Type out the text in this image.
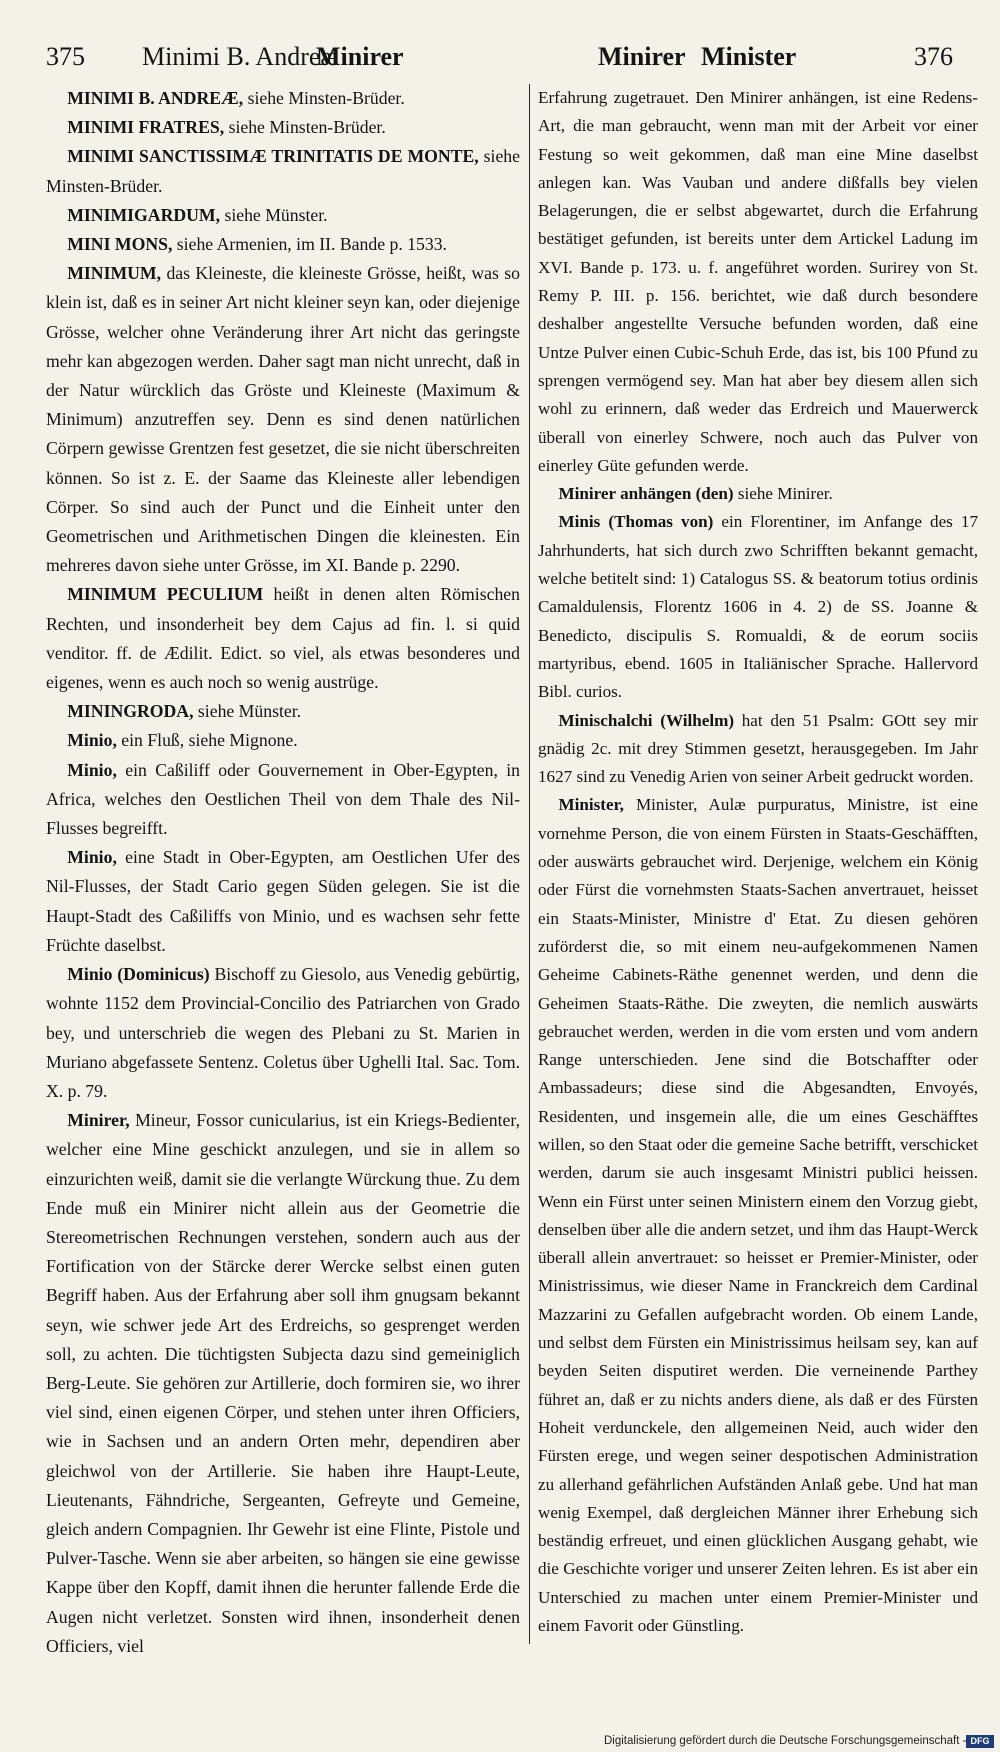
375 Minimi B. Andreæ
Minirer	Minirer Minister	376

MINIMI B. ANDREÆ, siehe Minsten-Brüder.

MINIMI FRATRES, siehe Minsten-Brüder.

MINIMI SANCTISSIMÆ TRINITATIS DE MONTE, siehe Minsten-Brüder.

MINIMIGARDUM, siehe Münster.

MINI MONS, siehe Armenien, im II. Bande p. 1533.

MINIMUM, das Kleineste, die kleineste Grösse, heißt, was so klein ist, daß es in seiner Art nicht kleiner seyn kan, oder diejenige Grösse, welcher ohne Veränderung ihrer Art nicht das geringste mehr kan abgezogen werden. Daher sagt man nicht unrecht, daß in der Natur würcklich das Gröste und Kleineste (Maximum & Minimum) anzutreffen sey. Denn es sind denen natürlichen Cörpern gewisse Grentzen fest gesetzet, die sie nicht überschreiten können. So ist z. E. der Saame das Kleineste aller lebendigen Cörper. So sind auch der Punct und die Einheit unter den Geometrischen und Arithmetischen Dingen die kleinesten. Ein mehreres davon siehe unter Grösse, im XI. Bande p. 2290.

MINIMUM PECULIUM heißt in denen alten Römischen Rechten, und insonderheit bey dem Cajus ad fin. l. si quid venditor. ff. de Ædilit. Edict. so viel, als etwas besonderes und eigenes, wenn es auch noch so wenig austrüge.

MININGRODA, siehe Münster.

Minio, ein Fluß, siehe Mignone.

Minio, ein Caßiliff oder Gouvernement in Ober-Egypten, in Africa, welches den Oestlichen Theil von dem Thale des Nil-Flusses begreifft.

Minio, eine Stadt in Ober-Egypten, am Oestlichen Ufer des Nil-Flusses, der Stadt Cario gegen Süden gelegen. Sie ist die Haupt-Stadt des Caßiliffs von Minio, und es wachsen sehr fette Früchte daselbst.

Minio (Dominicus) Bischoff zu Giesolo, aus Venedig gebürtig, wohnte 1152 dem Provincial-Concilio des Patriarchen von Grado bey, und unterschrieb die wegen des Plebani zu St. Marien in Muriano abgefassete Sentenz. Coletus über Ughelli Ital. Sac. Tom. X. p. 79.

Minirer, Mineur, Fossor cunicularius, ist ein Kriegs-Bedienter, welcher eine Mine geschickt anzulegen, und sie in allem so einzurichten weiß, damit sie die verlangte Würckung thue. Zu dem Ende muß ein Minirer nicht allein aus der Geometrie die Stereometrischen Rechnungen verstehen, sondern auch aus der Fortification von der Stärcke derer Wercke selbst einen guten Begriff haben. Aus der Erfahrung aber soll ihm gnugsam bekannt seyn, wie schwer jede Art des Erdreichs, so gesprenget werden soll, zu achten. Die tüchtigsten Subjecta dazu sind gemeiniglich Berg-Leute. Sie gehören zur Artillerie, doch formiren sie, wo ihrer viel sind, einen eigenen Cörper, und stehen unter ihren Officiers, wie in Sachsen und an andern Orten mehr, dependiren aber gleichwol von der Artillerie. Sie haben ihre Haupt-Leute, Lieutenants, Fähndriche, Sergeanten, Gefreyte und Gemeine, gleich andern Compagnien. Ihr Gewehr ist eine Flinte, Pistole und Pulver-Tasche. Wenn sie aber arbeiten, so hängen sie eine gewisse Kappe über den Kopff, damit ihnen die herunter fallende Erde die Augen nicht verletzet. Sonsten wird ihnen, insonderheit denen Officiers, viel

Erfahrung zugetrauet. Den Minirer anhängen, ist eine Redens-Art, die man gebraucht, wenn man mit der Arbeit vor einer Festung so weit gekommen, daß man eine Mine daselbst anlegen kan. Was Vauban und andere dißfalls bey vielen Belagerungen, die er selbst abgewartet, durch die Erfahrung bestätiget gefunden, ist bereits unter dem Artickel Ladung im XVI. Bande p. 173. u. f. angeführet worden. Surirey von St. Remy P. III. p. 156. berichtet, wie daß durch besondere deshalber angestellte Versuche befunden worden, daß eine Untze Pulver einen Cubic-Schuh Erde, das ist, bis 100 Pfund zu sprengen vermögend sey. Man hat aber bey diesem allen sich wohl zu erinnern, daß weder das Erdreich und Mauerwerck überall von einerley Schwere, noch auch das Pulver von einerley Güte gefunden werde.

Minirer anhängen (den) siehe Minirer.

Minis (Thomas von) ein Florentiner, im Anfange des 17 Jahrhunderts, hat sich durch zwo Schrifften bekannt gemacht, welche betitelt sind: 1) Catalogus SS. & beatorum totius ordinis Camaldulensis, Florentz 1606 in 4. 2) de SS. Joanne & Benedicto, discipulis S. Romualdi, & de eorum sociis martyribus, ebend. 1605 in Italiänischer Sprache. Hallervord Bibl. curios.

Minischalchi (Wilhelm) hat den 51 Psalm: GOtt sey mir gnädig 2c. mit drey Stimmen gesetzt, herausgegeben. Im Jahr 1627 sind zu Venedig Arien von seiner Arbeit gedruckt worden.

Minister, Minister, Aulæ purpuratus, Ministre, ist eine vornehme Person, die von einem Fürsten in Staats-Geschäfften, oder auswärts gebrauchet wird. Derjenige, welchem ein König oder Fürst die vornehmsten Staats-Sachen anvertrauet, heisset ein Staats-Minister, Ministre d' Etat. Zu diesen gehören zuförderst die, so mit einem neu-aufgekommenen Namen Geheime Cabinets-Räthe genennet werden, und denn die Geheimen Staats-Räthe. Die zweyten, die nemlich auswärts gebrauchet werden, werden in die vom ersten und vom andern Range unterschieden. Jene sind die Botschaffter oder Ambassadeurs; diese sind die Abgesandten, Envoyés, Residenten, und insgemein alle, die um eines Geschäfftes willen, so den Staat oder die gemeine Sache betrifft, verschicket werden, darum sie auch insgesamt Ministri publici heissen. Wenn ein Fürst unter seinen Ministern einem den Vorzug giebt, denselben über alle die andern setzet, und ihm das Haupt-Werck überall allein anvertrauet: so heisset er Premier-Minister, oder Ministrissimus, wie dieser Name in Franckreich dem Cardinal Mazzarini zu Gefallen aufgebracht worden. Ob einem Lande, und selbst dem Fürsten ein Ministrissimus heilsam sey, kan auf beyden Seiten disputiret werden. Die verneinende Parthey führet an, daß er zu nichts anders diene, als daß er des Fürsten Hoheit verdunckele, den allgemeinen Neid, auch wider den Fürsten erege, und wegen seiner despotischen Administration zu allerhand gefährlichen Aufständen Anlaß gebe. Und hat man wenig Exempel, daß dergleichen Männer ihrer Erhebung sich beständig erfreuet, und einen glücklichen Ausgang gehabt, wie die Geschichte voriger und unserer Zeiten lehren. Es ist aber ein Unterschied zu machen unter einem Premier-Minister und einem Favorit oder Günstling.

Digitalisierung gefördert durch die Deutsche Forschungsgemeinschaft - DFG
